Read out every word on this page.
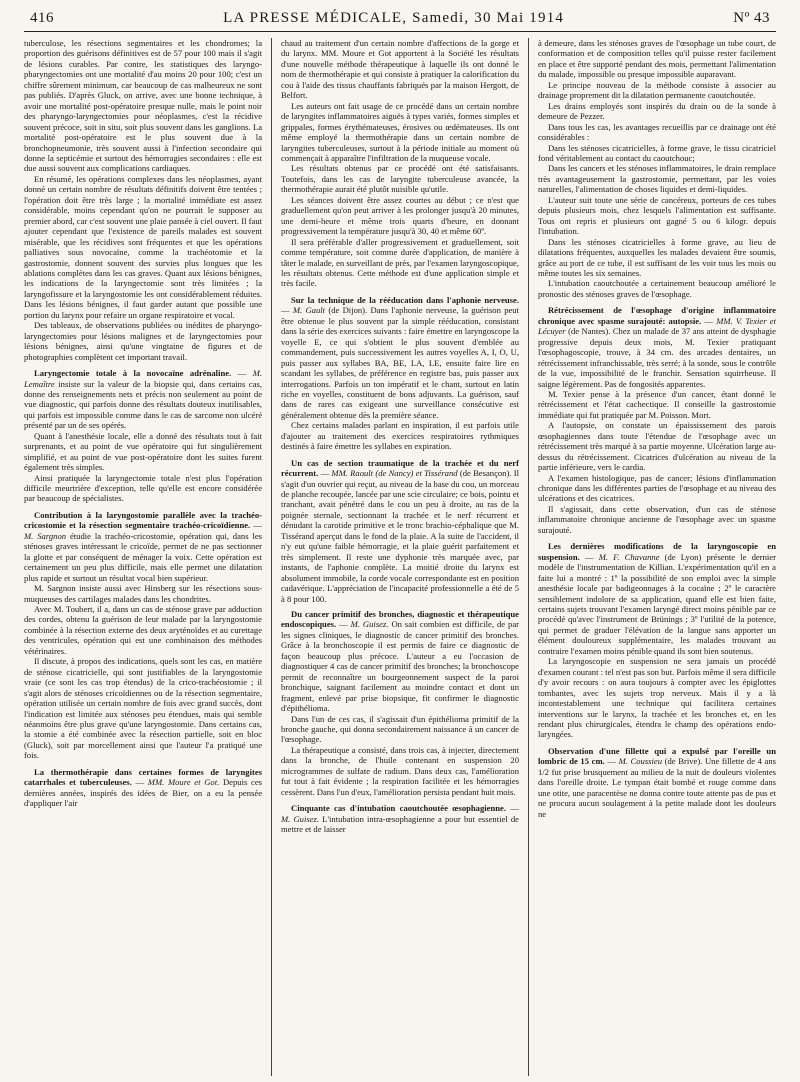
416	LA PRESSE MÉDICALE, Samedi, 30 Mai 1914	Nº 43

tuberculose, les résections segmentaires et les chondromes; la proportion des guérisons définitives est de 57 pour 100 mais il s'agit de lésions curables. Par contre, les statistiques des laryngo-pharyngectomies ont une mortalité d'au moins 20 pour 100; c'est un chiffre sûrement minimum, car beaucoup de cas malheureux ne sont pas publiés. D'après Gluck, on arrive, avec une bonne technique, à avoir une mortalité post-opératoire presque nulle, mais le point noir des pharyngo-laryngectomies pour néoplasmes, c'est la récidive souvent précoce, soit in situ, soit plus souvent dans les ganglions. La mortalité post-opératoire est le plus souvent due à la bronchopneumonie, très souvent aussi à l'infection secondaire qui donne la septicémie et surtout des hémorragies secondaires : elle est due aussi souvent aux complications cardiaques.

En résumé, les opérations complexes dans les néoplasmes, ayant donné un certain nombre de résultats définitifs doivent être tentées ; l'opération doit être très large ; la mortalité immédiate est assez considérable, moins cependant qu'on ne pourrait le supposer au premier abord, car c'est souvent une plaie pansée à ciel ouvert. Il faut ajouter cependant que l'existence de pareils malades est souvent misérable, que les récidives sont fréquentes et que les opérations palliatives sous novocaïne, comme la trachéotomie et la gastrostomie, donnent souvent des survies plus longues que les ablations complètes dans les cas graves. Quant aux lésions bénignes, les indications de la laryngectomie sont très limitées ; la laryngofissure et la laryngostomie les ont considérablement réduites. Dans les lésions bénignes, il faut garder autant que possible une portion du larynx pour refaire un organe respiratoire et vocal.

Des tableaux, de observations publiées ou inédites de pharyngo-laryngectomies pour lésions malignes et de laryngectomies pour lésions bénignes, ainsi qu'une vingtaine de figures et de photographies complètent cet important travail.

Laryngectomie totale à la novocaïne adrénaline. — M. Lemaître insiste sur la valeur de la biopsie qui, dans certains cas, donne des renseignements nets et précis non seulement au point de vue diagnostic, qui parfois donne des résultats douteux inutilisables, qui parfois est impossible comme dans le cas de sarcome non ulcéré présenté par un de ses opérés.

Quant à l'anesthésie locale, elle a donné des résultats tout à fait surprenants, et au point de vue opératoire qui fut singulièrement simplifié, et au point de vue post-opératoire dont les suites furent également très simples.

Ainsi pratiquée la laryngectomie totale n'est plus l'opération difficile meurtrière d'exception, telle qu'elle est encore considérée par beaucoup de spécialistes.

Contribution à la laryngostomie parallèle avec la trachéo-cricostomie et la résection segmentaire trachéo-cricoïdienne. — M. Sargnon étudie la trachéo-cricostomie, opération qui, dans les sténoses graves intéressant le cricoïde, permet de ne pas sectionner la glotte et par conséquent de ménager la voix. Cette opération est certainement un peu plus difficile, mais elle permet une dilatation plus rapide et surtout un résultat vocal bien supérieur.

M. Sargnon insiste aussi avec Hinsberg sur les résections sous-muqueuses des cartilages malades dans les chondrites.

Avec M. Toubert, il a, dans un cas de sténose grave par adduction des cordes, obtenu la guérison de leur malade par la laryngostomie combinée à la résection externe des deux aryténoïdes et au curettage des ventricules, opération qui est une combinaison des méthodes vétérinaires.

Il discute, à propos des indications, quels sont les cas, en matière de sténose cicatricielle, qui sont justifiables de la laryngostomie vraie (ce sont les cas trop étendus) de la crico-trachéostomie ; il s'agit alors de sténoses cricoïdiennes ou de la résection segmentaire, opération utilisée un certain nombre de fois avec grand succès, dont l'indication est limitée aux sténoses peu étendues, mais qui semble néanmoins être plus grave qu'une laryngostomie. Dans certains cas, la stomie a été combinée avec la résection partielle, soit en bloc (Gluck), soit par morcellement ainsi que l'auteur l'a pratiqué une fois.

La thermothérapie dans certaines formes de laryngites catarrhales et tuberculeuses. — MM. Moure et Got. Depuis ces dernières années, inspirés des idées de Bier, on a eu la pensée d'appliquer l'air

chaud au traitement d'un certain nombre d'affections de la gorge et du larynx. MM. Moure et Got apportent à la Société les résultats d'une nouvelle méthode thérapeutique à laquelle ils ont donné le nom de thermothérapie et qui consiste à pratiquer la calorification du cou à l'aide des tissus chauffants fabriqués par la maison Hergott, de Belfort.

Les auteurs ont fait usage de ce procédé dans un certain nombre de laryngites inflammatoires aiguës à types variés, formes simples et grippales, formes érythémateuses, érosives ou œdémateuses. Ils ont même employé la thermothérapie dans un certain nombre de laryngites tuberculeuses, surtout à la période initiale au moment où commençait à apparaître l'infiltration de la muqueuse vocale.

Les résultats obtenus par ce procédé ont été satisfaisants. Toutefois, dans les cas de laryngite tuberculeuse avancée, la thermothérapie aurait été plutôt nuisible qu'utile.

Les séances doivent être assez courtes au début ; ce n'est que graduellement qu'on peut arriver à les prolonger jusqu'à 20 minutes, une demi-heure et même trois quarts d'heure, en donnant progressivement la température jusqu'à 30, 40 et même 60º.

Il sera préférable d'aller progressivement et graduellement, soit comme température, soit comme durée d'application, de manière à tâter le malade, en surveillant de près, par l'examen laryngoscopique, les résultats obtenus. Cette méthode est d'une application simple et très facile.

Sur la technique de la rééducation dans l'aphonie nerveuse. — M. Gault (de Dijon). Dans l'aphonie nerveuse, la guérison peut être obtenue le plus souvent par la simple rééducation, consistant dans la série des exercices suivants : faire émettre en laryngoscope la voyelle E, ce qui s'obtient le plus souvent d'emblée au commandement, puis successivement les autres voyelles A, I, O, U, puis passer aux syllabes BA, BE, LA, LE, ensuite faire lire en scandant les syllabes, de préférence en registre bas, puis passer aux interrogations. Parfois un ton impératif et le chant, surtout en latin riche en voyelles, constituent de bons adjuvants. La guérison, sauf dans de rares cas exigeant une surveillance consécutive est généralement obtenue dès la première séance.

Chez certains malades parlant en inspiration, il est parfois utile d'ajouter au traitement des exercices respiratoires rythmiques destinés à faire émettre les syllabes en expiration.

Un cas de section traumatique de la trachée et du nerf récurrent. — MM. Raoult (de Nancy) et Tissérand (de Besançon). Il s'agit d'un ouvrier qui reçut, au niveau de la base du cou, un morceau de planche recoupée, lancée par une scie circulaire; ce bois, pointu et tranchant, avait pénétré dans le cou un peu à droite, au ras de la poignée sternale, sectionnant la trachée et le nerf récurrent et dénudant la carotide primitive et le tronc brachio-céphalique que M. Tissérand aperçut dans le fond de la plaie. A la suite de l'accident, il n'y eut qu'une faible hémorragie, et la plaie guérit parfaitement et très simplement. Il reste une dyphonie très marquée avec, par instants, de l'aphonie complète. La moitié droite du larynx est absolument immobile, la corde vocale correspondante est en position cadavérique. L'appréciation de l'incapacité professionnelle a été de 5 à 8 pour 100.
Du cancer primitif des bronches, diagnostic et thérapeutique endoscopiques. — M. Guisez. On sait combien est difficile, de par les signes cliniques, le diagnostic de cancer primitif des bronches. Grâce à la bronchoscopie il est permis de faire ce diagnostic de façon beaucoup plus précoce. L'auteur a eu l'occasion de diagnostiquer 4 cas de cancer primitif des bronches; la bronchoscope permit de reconnaître un bourgeonnement suspect de la paroi bronchique, saignant facilement au moindre contact et dont un fragment, enlevé par prise biopsique, fit confirmer le diagnostic d'épithélioma.

Dans l'un de ces cas, il s'agissait d'un épithélioma primitif de la bronche gauche, qui donna secondairement naissance à un cancer de l'œsophage.

La thérapeutique a consisté, dans trois cas, à injecter, directement dans la bronche, de l'huile contenant en suspension 20 microgrammes de sulfate de radium. Dans deux cas, l'amélioration fut tout à fait évidente ; la respiration facilitée et les hémorragies cessèrent. Dans l'un d'eux, l'amélioration persista pendant huit mois.

Cinquante cas d'intubation caoutchoutée œsophagienne. — M. Guisez. L'intubation intra-œsophagienne a pour but essentiel de mettre et de laisser

à demeure, dans les sténoses graves de l'œsophage un tube court, de conformation et de composition telles qu'il puisse rester facilement en place et être supporté pendant des mois, permettant l'alimentation du malade, impossible ou presque impossible auparavant.

Le principe nouveau de la méthode consiste à associer au drainage proprement dit la dilatation permanente caoutchoutée.

Les drains employés sont inspirés du drain ou de la sonde à demeure de Pezzer.

Dans tous les cas, les avantages recueillis par ce drainage ont été considérables :

Dans les sténoses cicatricielles, à forme grave, le tissu cicatriciel fond véritablement au contact du caoutchouc;

Dans les cancers et les sténoses inflammatoires, le drain remplace très avantageusement la gastrostomie, permettant, par les voies naturelles, l'alimentation de choses liquides et demi-liquides.

L'auteur suit toute une série de cancéreux, porteurs de ces tubes depuis plusieurs mois, chez lesquels l'alimentation est suffisante. Tous ont repris et plusieurs ont gagné 5 ou 6 kilogr. depuis l'intubation.

Dans les sténoses cicatricielles à forme grave, au lieu de dilatations fréquentes, auxquelles les malades devaient être soumis, grâce au port de ce tube, il est suffisant de les voir tous les mois ou même toutes les six semaines.

L'intubation caoutchoutée a certainement beaucoup amélioré le pronostic des sténoses graves de l'œsophage.

Rétrécissement de l'œsophage d'origine inflammatoire chronique avec spasme surajouté: autopsie. — MM. V. Texier et Lécuyer (de Nantes). Chez un malade de 37 ans atteint de dysphagie progressive depuis deux mois, M. Texier pratiquant l'œsophagoscopie, trouve, à 34 cm. des arcades dentaires, un rétrécissement infranchissable, très serré; à la sonde, sous le contrôle de la vue, impossibilité de le franchir. Sensation squirrheuse. Il saigne légèrement. Pas de fongosités apparentes.

M. Texier pense à la présence d'un cancer, étant donné le rétrécissement et l'état cachectique. Il conseille la gastrostomie immédiate qui fut pratiquée par M. Poisson. Mort.

A l'autopsie, on constate un épaississement des parois œsophagiennes dans toute l'étendue de l'œsophage avec un rétrécissement très marqué à sa partie moyenne. Ulcération large au-dessus du rétrécissement. Cicatrices d'ulcération au niveau de la partie inférieure, vers le cardia.

A l'examen histologique, pas de cancer; lésions d'inflammation chronique dans les différentes parties de l'œsophage et au niveau des ulcérations et des cicatrices.

Il s'agissait, dans cette observation, d'un cas de sténose inflammatoire chronique ancienne de l'œsophage avec un spasme surajouté.

Les dernières modifications de la laryngoscopie en suspension. — M. F. Chavanne (de Lyon) présente le dernier modèle de l'instrumentation de Killian. L'expérimentation qu'il en a faite lui a montré : 1º la possibilité de son emploi avec la simple anesthésie locale par badigeonnages à la cocaïne ; 2º le caractère sensiblement indolore de sa application, quand elle est bien faite, certains sujets trouvant l'examen laryngé direct moins pénible par ce procédé qu'avec l'instrument de Brünings ; 3º l'utilité de la potence, qui permet de graduer l'élévation de la langue sans apporter un élément douloureux supplémentaire, les malades trouvant au contraire l'examen moins pénible quand ils sont bien soutenus.

La laryngoscopie en suspension ne sera jamais un procédé d'examen courant : tel n'est pas son but. Parfois même il sera difficile d'y avoir recours : on aura toujours à compter avec les épiglottes tombantes, avec les sujets trop nerveux. Mais il y a là incontestablement une technique qui facilitera certaines interventions sur le larynx, la trachée et les bronches et, en les rendant plus chirurgicales, étendra le champ des opérations endo-laryngées.

Observation d'une fillette qui a expulsé par l'oreille un lombric de 15 cm. — M. Coussieu (de Brive). Une fillette de 4 ans 1/2 fut prise brusquement au milieu de la nuit de douleurs violentes dans l'oreille droite. Le tympan était bombé et rouge comme dans une otite, une paracentèse ne donna contre toute attente pas de pus et ne procura aucun soulagement à la petite malade dont les douleurs ne
